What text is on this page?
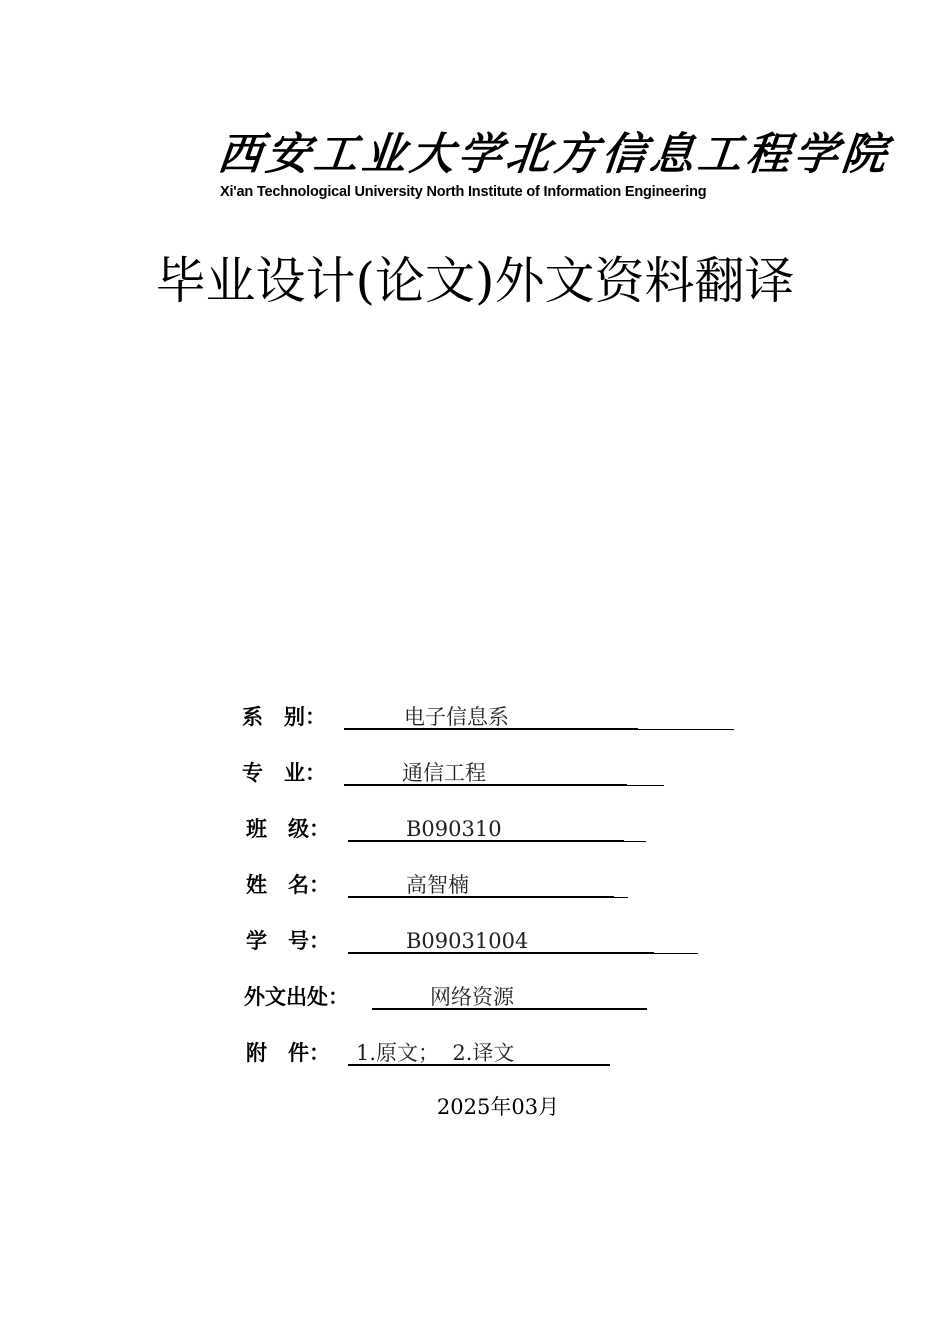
西安工业大学北方信息工程学院
Xi'an Technological University North Institute of Information Engineering
毕业设计(论文)外文资料翻译
系　别：	电子信息系
专　业：	通信工程
班　级：	B090310
姓　名：	高智楠
学　号：	B09031004
外文出处：	网络资源
附　件： 1.原文；  2.译文
2025年03月
